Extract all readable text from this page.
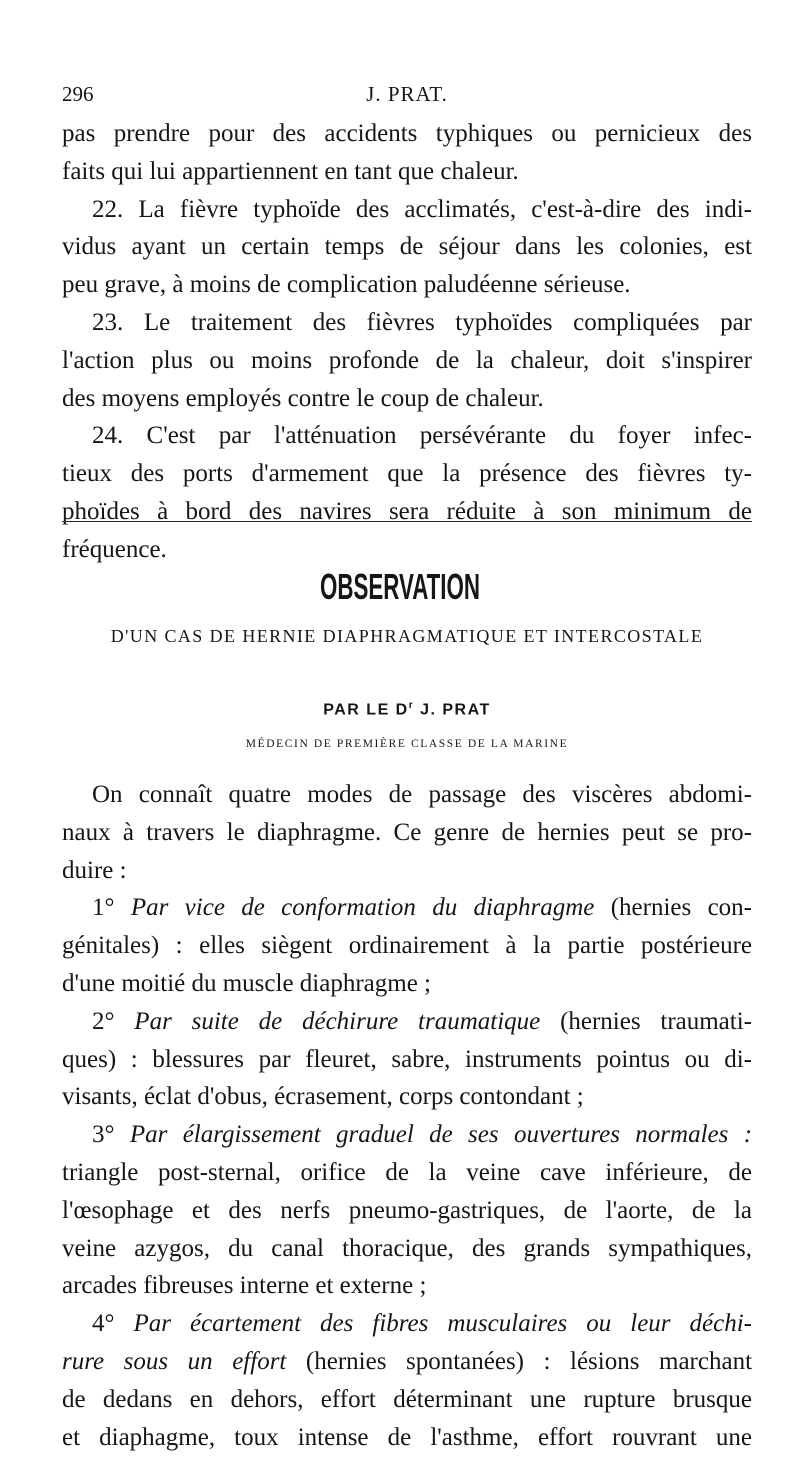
296	J. PRAT.
pas prendre pour des accidents typhiques ou pernicieux des
faits qui lui appartiennent en tant que chaleur.
22. La fièvre typhoïde des acclimatés, c'est-à-dire des indi-
vidus ayant un certain temps de séjour dans les colonies, est
peu grave, à moins de complication paludéenne sérieuse.
23. Le traitement des fièvres typhoïdes compliquées par
l'action plus ou moins profonde de la chaleur, doit s'inspirer
des moyens employés contre le coup de chaleur.
24. C'est par l'atténuation persévérante du foyer infec-
tieux des ports d'armement que la présence des fièvres ty-
phoïdes à bord des navires sera réduite à son minimum de
fréquence.
OBSERVATION
D'UN CAS DE HERNIE DIAPHRAGMATIQUE ET INTERCOSTALE
PAR LE $D^r$ J. PRAT
MÉDECIN DE PREMIÈRE CLASSE DE LA MARINE
On connaît quatre modes de passage des viscères abdomi-
naux à travers le diaphragme. Ce genre de hernies peut se pro-
duire :
1° Par vice de conformation du diaphragme (hernies con-
génitales) : elles siègent ordinairement à la partie postérieure
d'une moitié du muscle diaphragme ;
2° Par suite de déchirure traumatique (hernies traumati-
ques) : blessures par fleuret, sabre, instruments pointus ou di-
visants, éclat d'obus, écrasement, corps contondant ;
3° Par élargissement graduel de ses ouvertures normales :
triangle post-sternal, orifice de la veine cave inférieure, de
l'œsophage et des nerfs pneumo-gastriques, de l'aorte, de la
veine azygos, du canal thoracique, des grands sympathiques,
arcades fibreuses interne et externe ;
4° Par écartement des fibres musculaires ou leur déchi-
rure sous un effort (hernies spontanées) : lésions marchant
de dedans en dehors, effort déterminant une rupture brusque
et diaphagme, toux intense de l'asthme, effort rouvrant une
